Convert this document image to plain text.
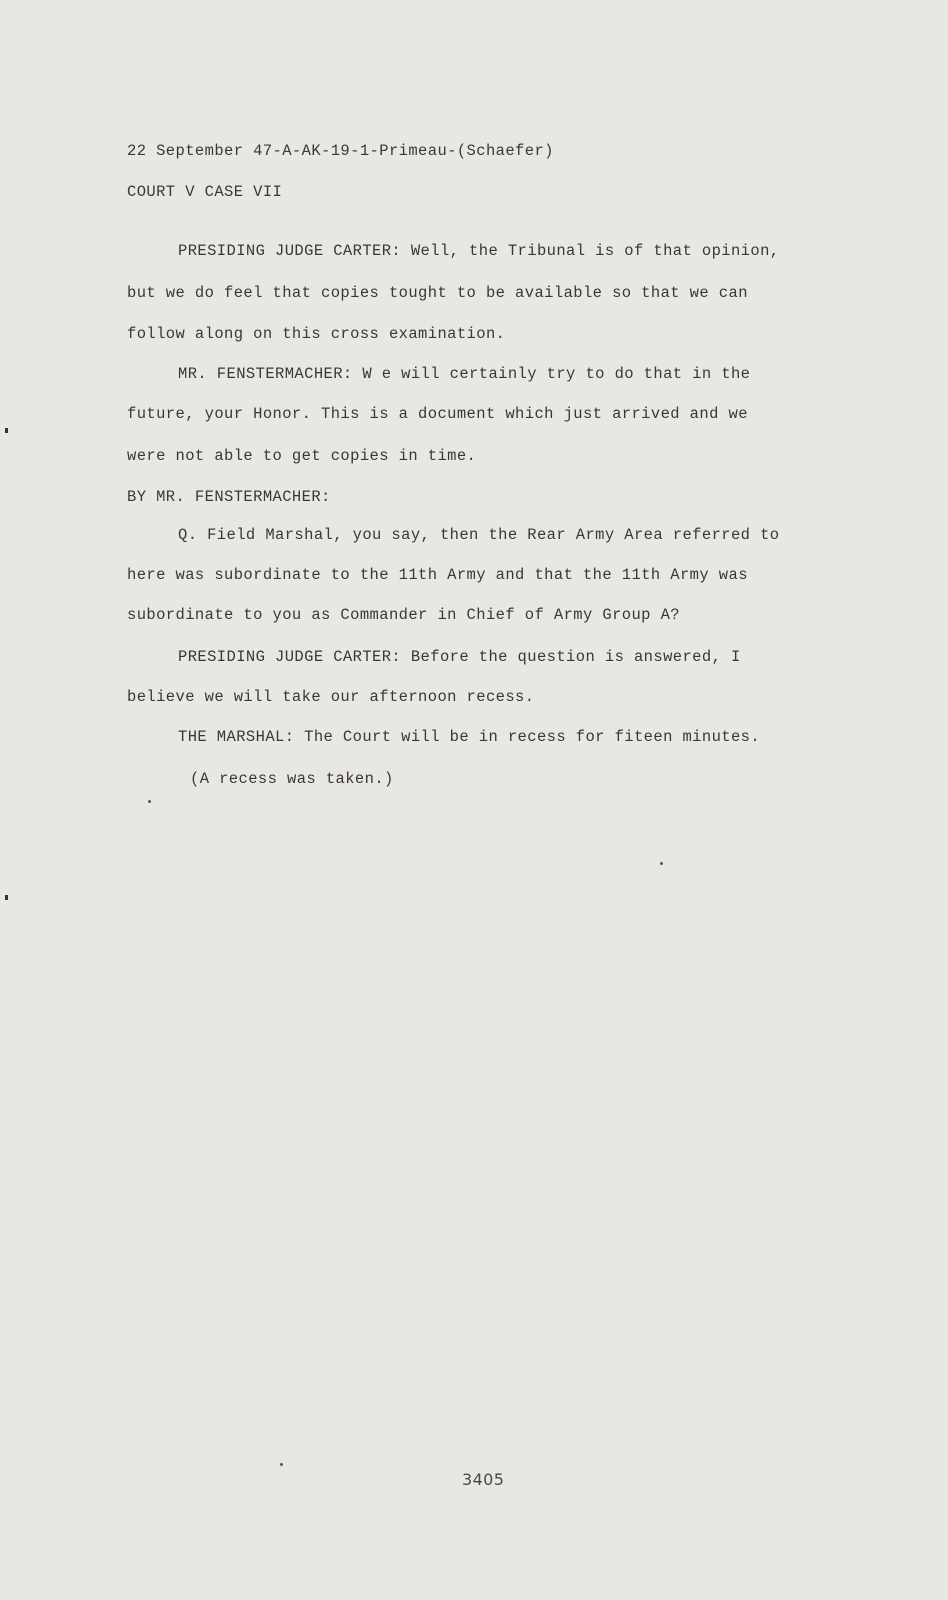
22 September 47-A-AK-19-1-Primeau-(Schaefer)
COURT V CASE VII
PRESIDING JUDGE CARTER: Well, the Tribunal is of that opinion,
but we do feel that copies tought to be available so that we can
follow along on this cross examination.
MR. FENSTERMACHER: W e will certainly try to do that in the
future, your Honor. This is a document which just arrived and we
were not able to get copies in time.
BY MR. FENSTERMACHER:
Q. Field Marshal, you say, then the Rear Army Area referred to
here was subordinate to the 11th Army and that the 11th Army was
subordinate to you as Commander in Chief of Army Group A?
PRESIDING JUDGE CARTER: Before the question is answered, I
believe we will take our afternoon recess.
THE MARSHAL: The Court will be in recess for fiteen minutes.
(A recess was taken.)
3405
